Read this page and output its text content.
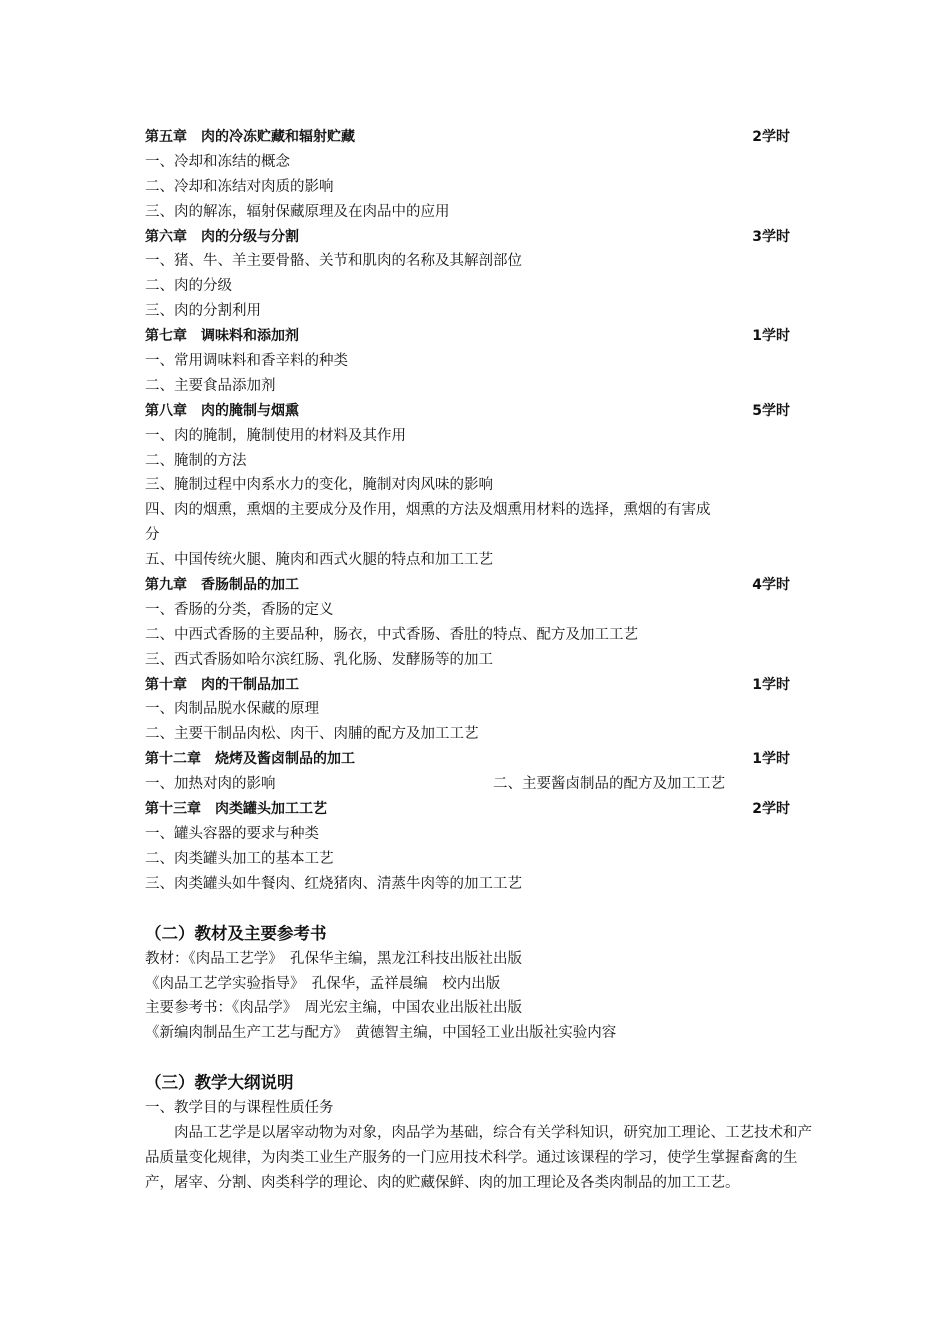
第五章　肉的冷冻贮藏和辐射贮藏	2学时
一、冷却和冻结的概念
二、冷却和冻结对肉质的影响
三、肉的解冻，辐射保藏原理及在肉品中的应用
第六章　肉的分级与分割	3学时
一、猪、牛、羊主要骨骼、关节和肌肉的名称及其解剖部位
二、肉的分级
三、肉的分割利用
第七章　调味料和添加剂	1学时
一、常用调味料和香辛料的种类
二、主要食品添加剂
第八章　肉的腌制与烟熏	5学时
一、肉的腌制，腌制使用的材料及其作用
二、腌制的方法
三、腌制过程中肉系水力的变化，腌制对肉风味的影响
四、肉的烟熏，熏烟的主要成分及作用，烟熏的方法及烟熏用材料的选择，熏烟的有害成
分
五、中国传统火腿、腌肉和西式火腿的特点和加工工艺
第九章　香肠制品的加工	4学时
一、香肠的分类，香肠的定义
二、中西式香肠的主要品种，肠衣，中式香肠、香肚的特点、配方及加工工艺
三、西式香肠如哈尔滨红肠、乳化肠、发酵肠等的加工
第十章　肉的干制品加工	1学时
一、肉制品脱水保藏的原理
二、主要干制品肉松、肉干、肉脯的配方及加工工艺
第十二章　烧烤及酱卤制品的加工	1学时
一、加热对肉的影响	二、主要酱卤制品的配方及加工工艺
第十三章　肉类罐头加工工艺	2学时
一、罐头容器的要求与种类
二、肉类罐头加工的基本工艺
三、肉类罐头如牛餐肉、红烧猪肉、清蒸牛肉等的加工工艺
（二）教材及主要参考书
教材：《肉品工艺学》　孔保华主编，黑龙江科技出版社出版
《肉品工艺学实验指导》　孔保华，孟祥晨编　校内出版
主要参考书：《肉品学》　周光宏主编，中国农业出版社出版
《新编肉制品生产工艺与配方》　黄德智主编，中国轻工业出版社实验内容
（三）教学大纲说明
一、教学目的与课程性质任务
肉品工艺学是以屠宰动物为对象，肉品学为基础，综合有关学科知识，研究加工理论、工艺技术和产品质量变化规律，为肉类工业生产服务的一门应用技术科学。通过该课程的学习，使学生掌握畜禽的生产，屠宰、分割、肉类科学的理论、肉的贮藏保鲜、肉的加工理论及各类肉制品的加工工艺。
